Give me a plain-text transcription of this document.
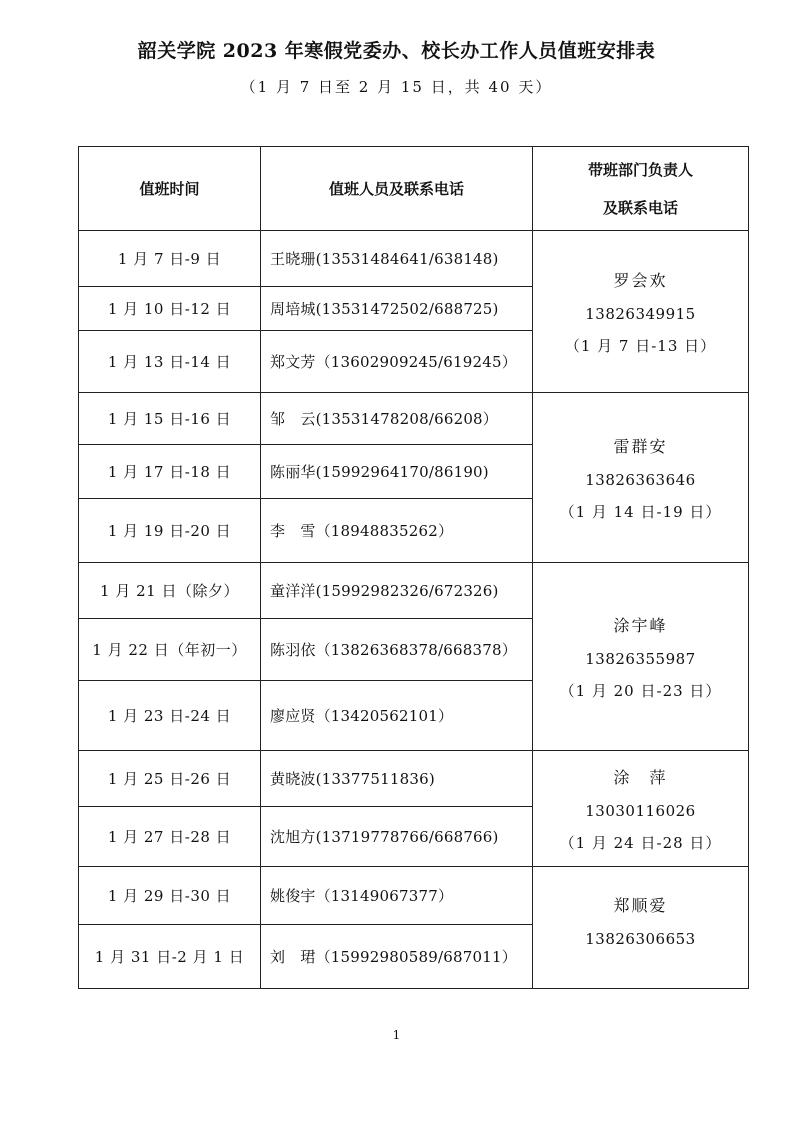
韶关学院 2023 年寒假党委办、校长办工作人员值班安排表
（1 月 7 日至 2 月 15 日，共 40 天）
值班时间	值班人员及联系电话	带班部门负责人
及联系电话

1 月 7 日-9 日	王晓珊(13531484641/638148)	罗会欢
13826349915
（1 月 7 日-13 日）

1 月 10 日-12 日	周培城(13531472502/688725)	
1 月 13 日-14 日	郑文芳（13602909245/619245）	
1 月 15 日-16 日	邹　云(13531478208/66208）	雷群安
13826363646
（1 月 14 日-19 日）

1 月 17 日-18 日	陈丽华(15992964170/86190)	
1 月 19 日-20 日	李　雪（18948835262）	
1 月 21 日（除夕）	童洋洋(15992982326/672326)	涂宇峰
13826355987
（1 月 20 日-23 日）

1 月 22 日（年初一）	陈羽依（13826368378/668378）	
1 月 23 日-24 日	廖应贤（13420562101）	
1 月 25 日-26 日	黄晓波(13377511836)	涂　萍
13030116026
（1 月 24 日-28 日）

1 月 27 日-28 日	沈旭方(13719778766/668766)	
1 月 29 日-30 日	姚俊宇（13149067377）	郑顺爱
13826306653

1 月 31 日-2 月 1 日	刘　珺（15992980589/687011）	
1
